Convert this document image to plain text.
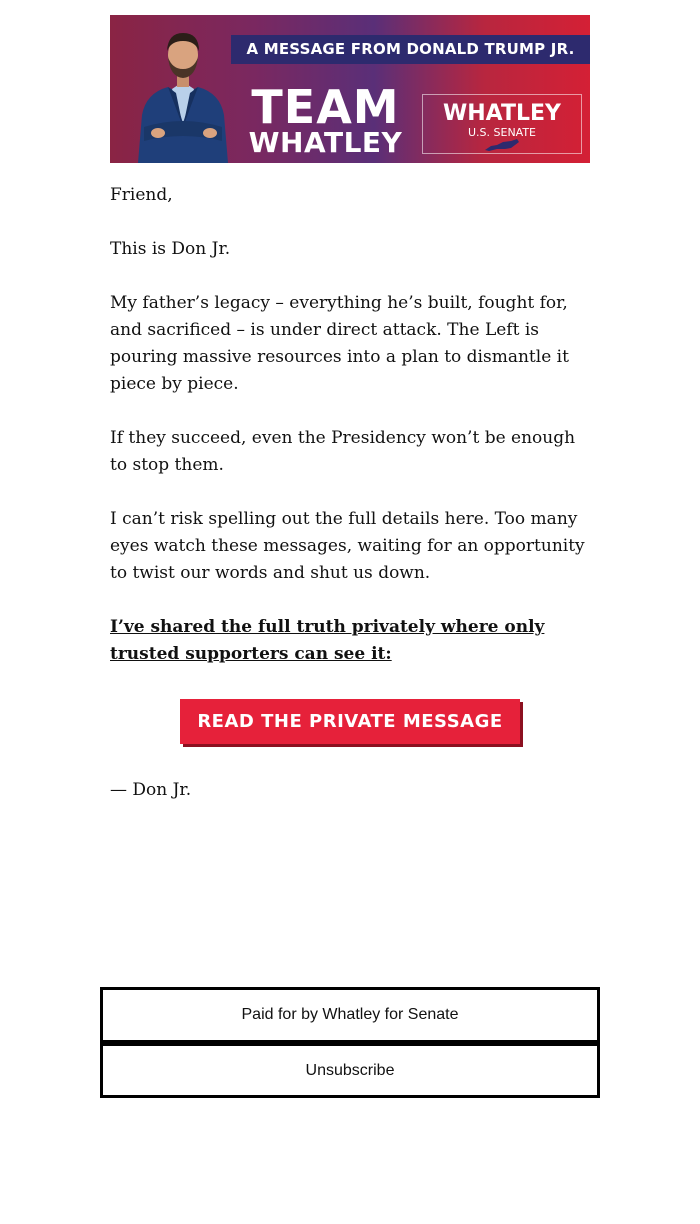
A MESSAGE FROM DONALD TRUMP JR.
TEAM
WHATLEY
WHATLEY
U.S. SENATE

Friend,

This is Don Jr.

My father’s legacy – everything he’s built, fought for, and sacrificed – is under direct attack. The Left is pouring massive resources into a plan to dismantle it piece by piece.

If they succeed, even the Presidency won’t be enough to stop them.

I can’t risk spelling out the full details here. Too many eyes watch these messages, waiting for an opportunity to twist our words and shut us down.

I’ve shared the full truth privately where only trusted supporters can see it:

READ THE PRIVATE MESSAGE

— Don Jr.

Paid for by Whatley for Senate
Unsubscribe
